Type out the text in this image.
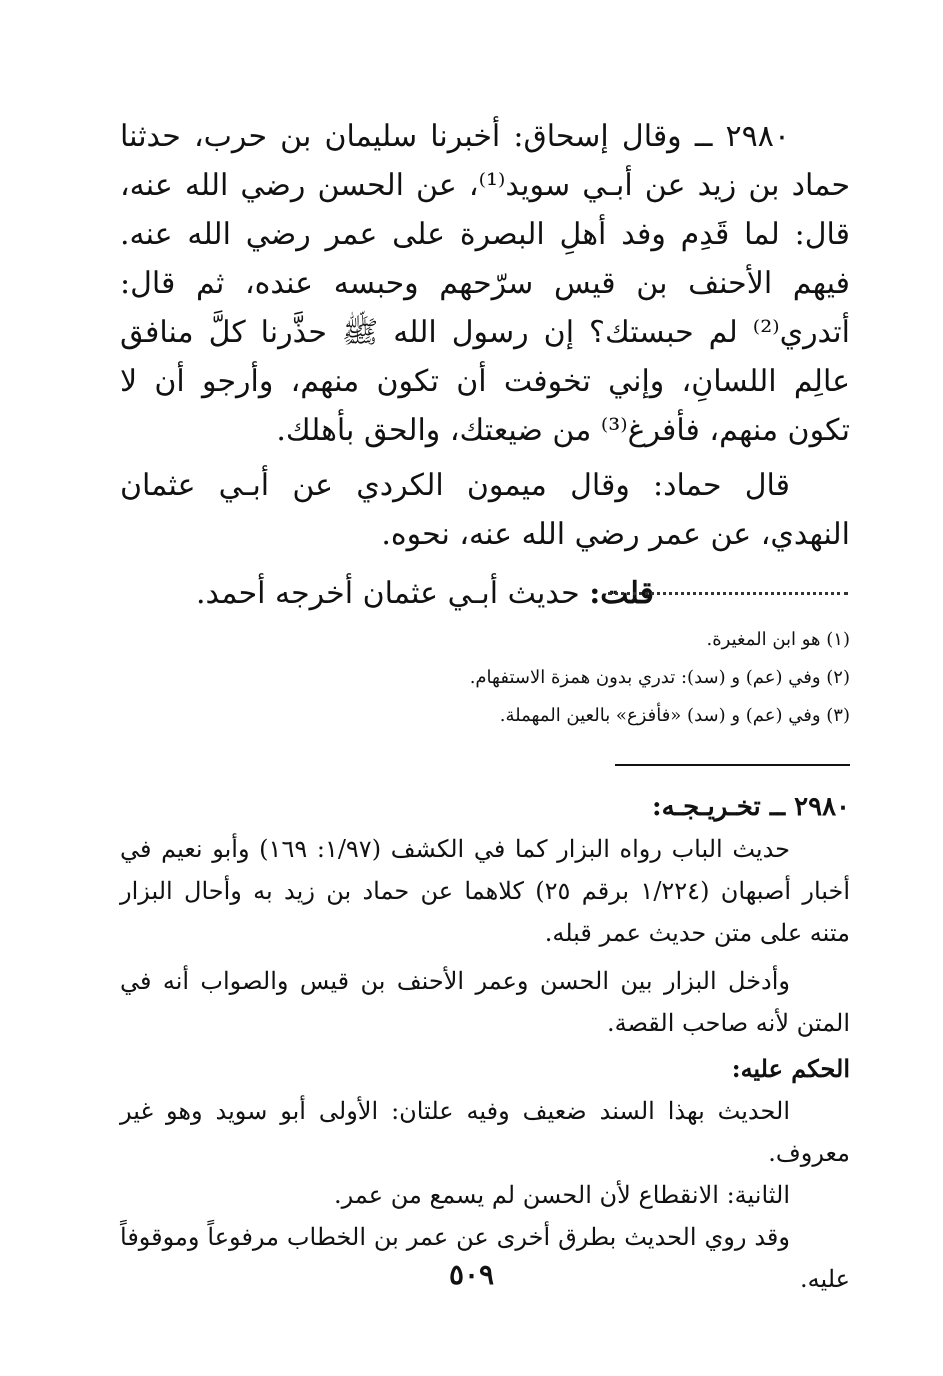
٢٩٨٠ ــ وقال إسحاق: أخبرنا سليمان بن حرب، حدثنا حماد بن زيد عن أبـي سويد⁽¹⁾، عن الحسن رضي الله عنه، قال: لما قَدِم وفد أهلِ البصرة على عمر رضي الله عنه. فيهم الأحنف بن قيس سرّحهم وحبسه عنده، ثم قال: أتدري⁽²⁾ لم حبستك؟ إن رسول الله ﷺ حذَّرنا كلَّ منافق عالِم اللسانِ، وإني تخوفت أن تكون منهم، وأرجو أن لا تكون منهم، فأفرغ⁽³⁾ من ضيعتك، والحق بأهلك.

قال حماد: وقال ميمون الكردي عن أبـي عثمان النهدي، عن عمر رضي الله عنه، نحوه.

قلت: حديث أبـي عثمان أخرجه أحمد.

(١) هو ابن المغيرة.

(٢) وفي (عم) و (سد): تدري بدون همزة الاستفهام.

(٣) وفي (عم) و (سد) «فأفزع» بالعين المهملة.

٢٩٨٠ ــ تخـريـجـه:

حديث الباب رواه البزار كما في الكشف (١/٩٧: ١٦٩) وأبو نعيم في أخبار أصبهان (١/٢٢٤ برقم ٢٥) كلاهما عن حماد بن زيد به وأحال البزار متنه على متن حديث عمر قبله.

وأدخل البزار بين الحسن وعمر الأحنف بن قيس والصواب أنه في المتن لأنه صاحب القصة.

الحكم عليه:

الحديث بهذا السند ضعيف وفيه علتان: الأولى أبو سويد وهو غير معروف.

الثانية: الانقطاع لأن الحسن لم يسمع من عمر.

وقد روي الحديث بطرق أخرى عن عمر بن الخطاب مرفوعاً وموقوفاً عليه.

٥٠٩
